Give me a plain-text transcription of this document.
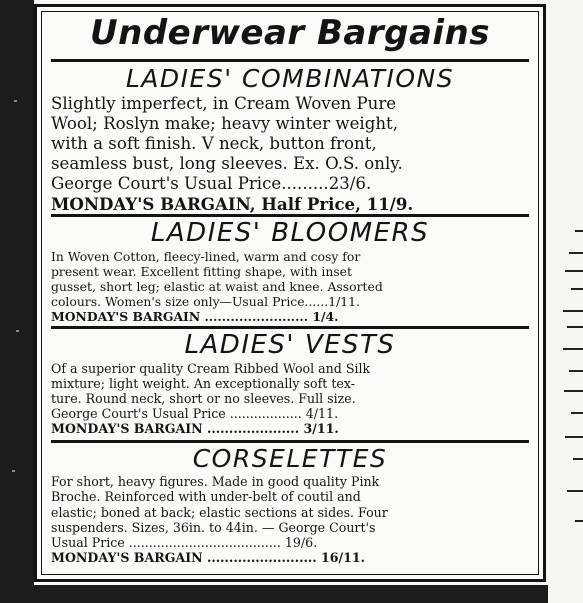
Underwear Bargains
LADIES' COMBINATIONS
Slightly imperfect, in Cream Woven Pure
Wool; Roslyn make; heavy winter weight,
with a soft finish. V neck, button front,
seamless bust, long sleeves. Ex. O.S. only.
George Court's Usual Price.........23/6.
MONDAY'S BARGAIN, Half Price, 11/9.
LADIES' BLOOMERS
In Woven Cotton, fleecy-lined, warm and cosy for
present wear. Excellent fitting shape, with inset
gusset, short leg; elastic at waist and knee. Assorted
colours. Women's size only—Usual Price......1/11.
MONDAY'S BARGAIN ........................ 1/4.
LADIES' VESTS
Of a superior quality Cream Ribbed Wool and Silk
mixture; light weight. An exceptionally soft tex-
ture. Round neck, short or no sleeves. Full size.
George Court's Usual Price .................. 4/11.
MONDAY'S BARGAIN ..................... 3/11.
CORSELETTES
For short, heavy figures. Made in good quality Pink
Broche. Reinforced with under-belt of coutil and
elastic; boned at back; elastic sections at sides. Four
suspenders. Sizes, 36in. to 44in. — George Court's
Usual Price ...................................... 19/6.
MONDAY'S BARGAIN ......................... 16/11.
